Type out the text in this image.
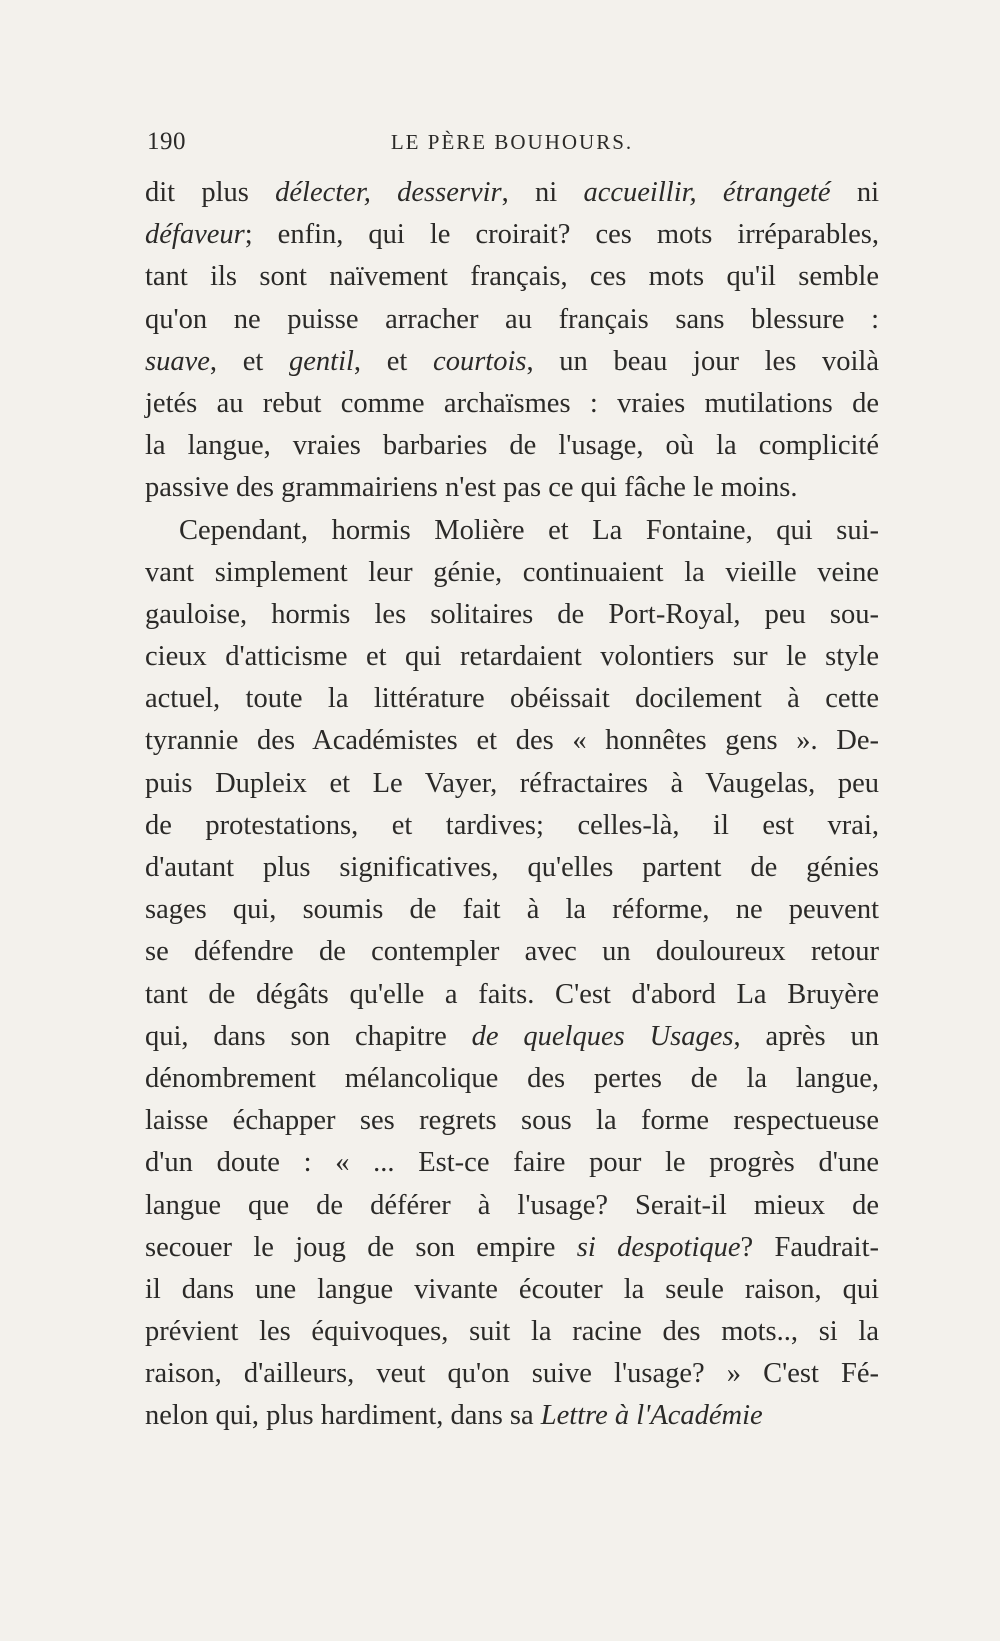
190	LE PÈRE BOUHOURS.
dit plus délecter, desservir, ni accueillir, étrangeté ni
défaveur; enfin, qui le croirait? ces mots irréparables,
tant ils sont naïvement français, ces mots qu'il semble
qu'on ne puisse arracher au français sans blessure :
suave, et gentil, et courtois, un beau jour les voilà
jetés au rebut comme archaïsmes : vraies mutilations de
la langue, vraies barbaries de l'usage, où la complicité
passive des grammairiens n'est pas ce qui fâche le moins.
Cependant, hormis Molière et La Fontaine, qui sui-
vant simplement leur génie, continuaient la vieille veine
gauloise, hormis les solitaires de Port-Royal, peu sou-
cieux d'atticisme et qui retardaient volontiers sur le style
actuel, toute la littérature obéissait docilement à cette
tyrannie des Académistes et des « honnêtes gens ». De-
puis Dupleix et Le Vayer, réfractaires à Vaugelas, peu
de protestations, et tardives; celles-là, il est vrai,
d'autant plus significatives, qu'elles partent de génies
sages qui, soumis de fait à la réforme, ne peuvent
se défendre de contempler avec un douloureux retour
tant de dégâts qu'elle a faits. C'est d'abord La Bruyère
qui, dans son chapitre de quelques Usages, après un
dénombrement mélancolique des pertes de la langue,
laisse échapper ses regrets sous la forme respectueuse
d'un doute : « ... Est-ce faire pour le progrès d'une
langue que de déférer à l'usage? Serait-il mieux de
secouer le joug de son empire si despotique? Faudrait-
il dans une langue vivante écouter la seule raison, qui
prévient les équivoques, suit la racine des mots.., si la
raison, d'ailleurs, veut qu'on suive l'usage? » C'est Fé-
nelon qui, plus hardiment, dans sa Lettre à l'Académie
